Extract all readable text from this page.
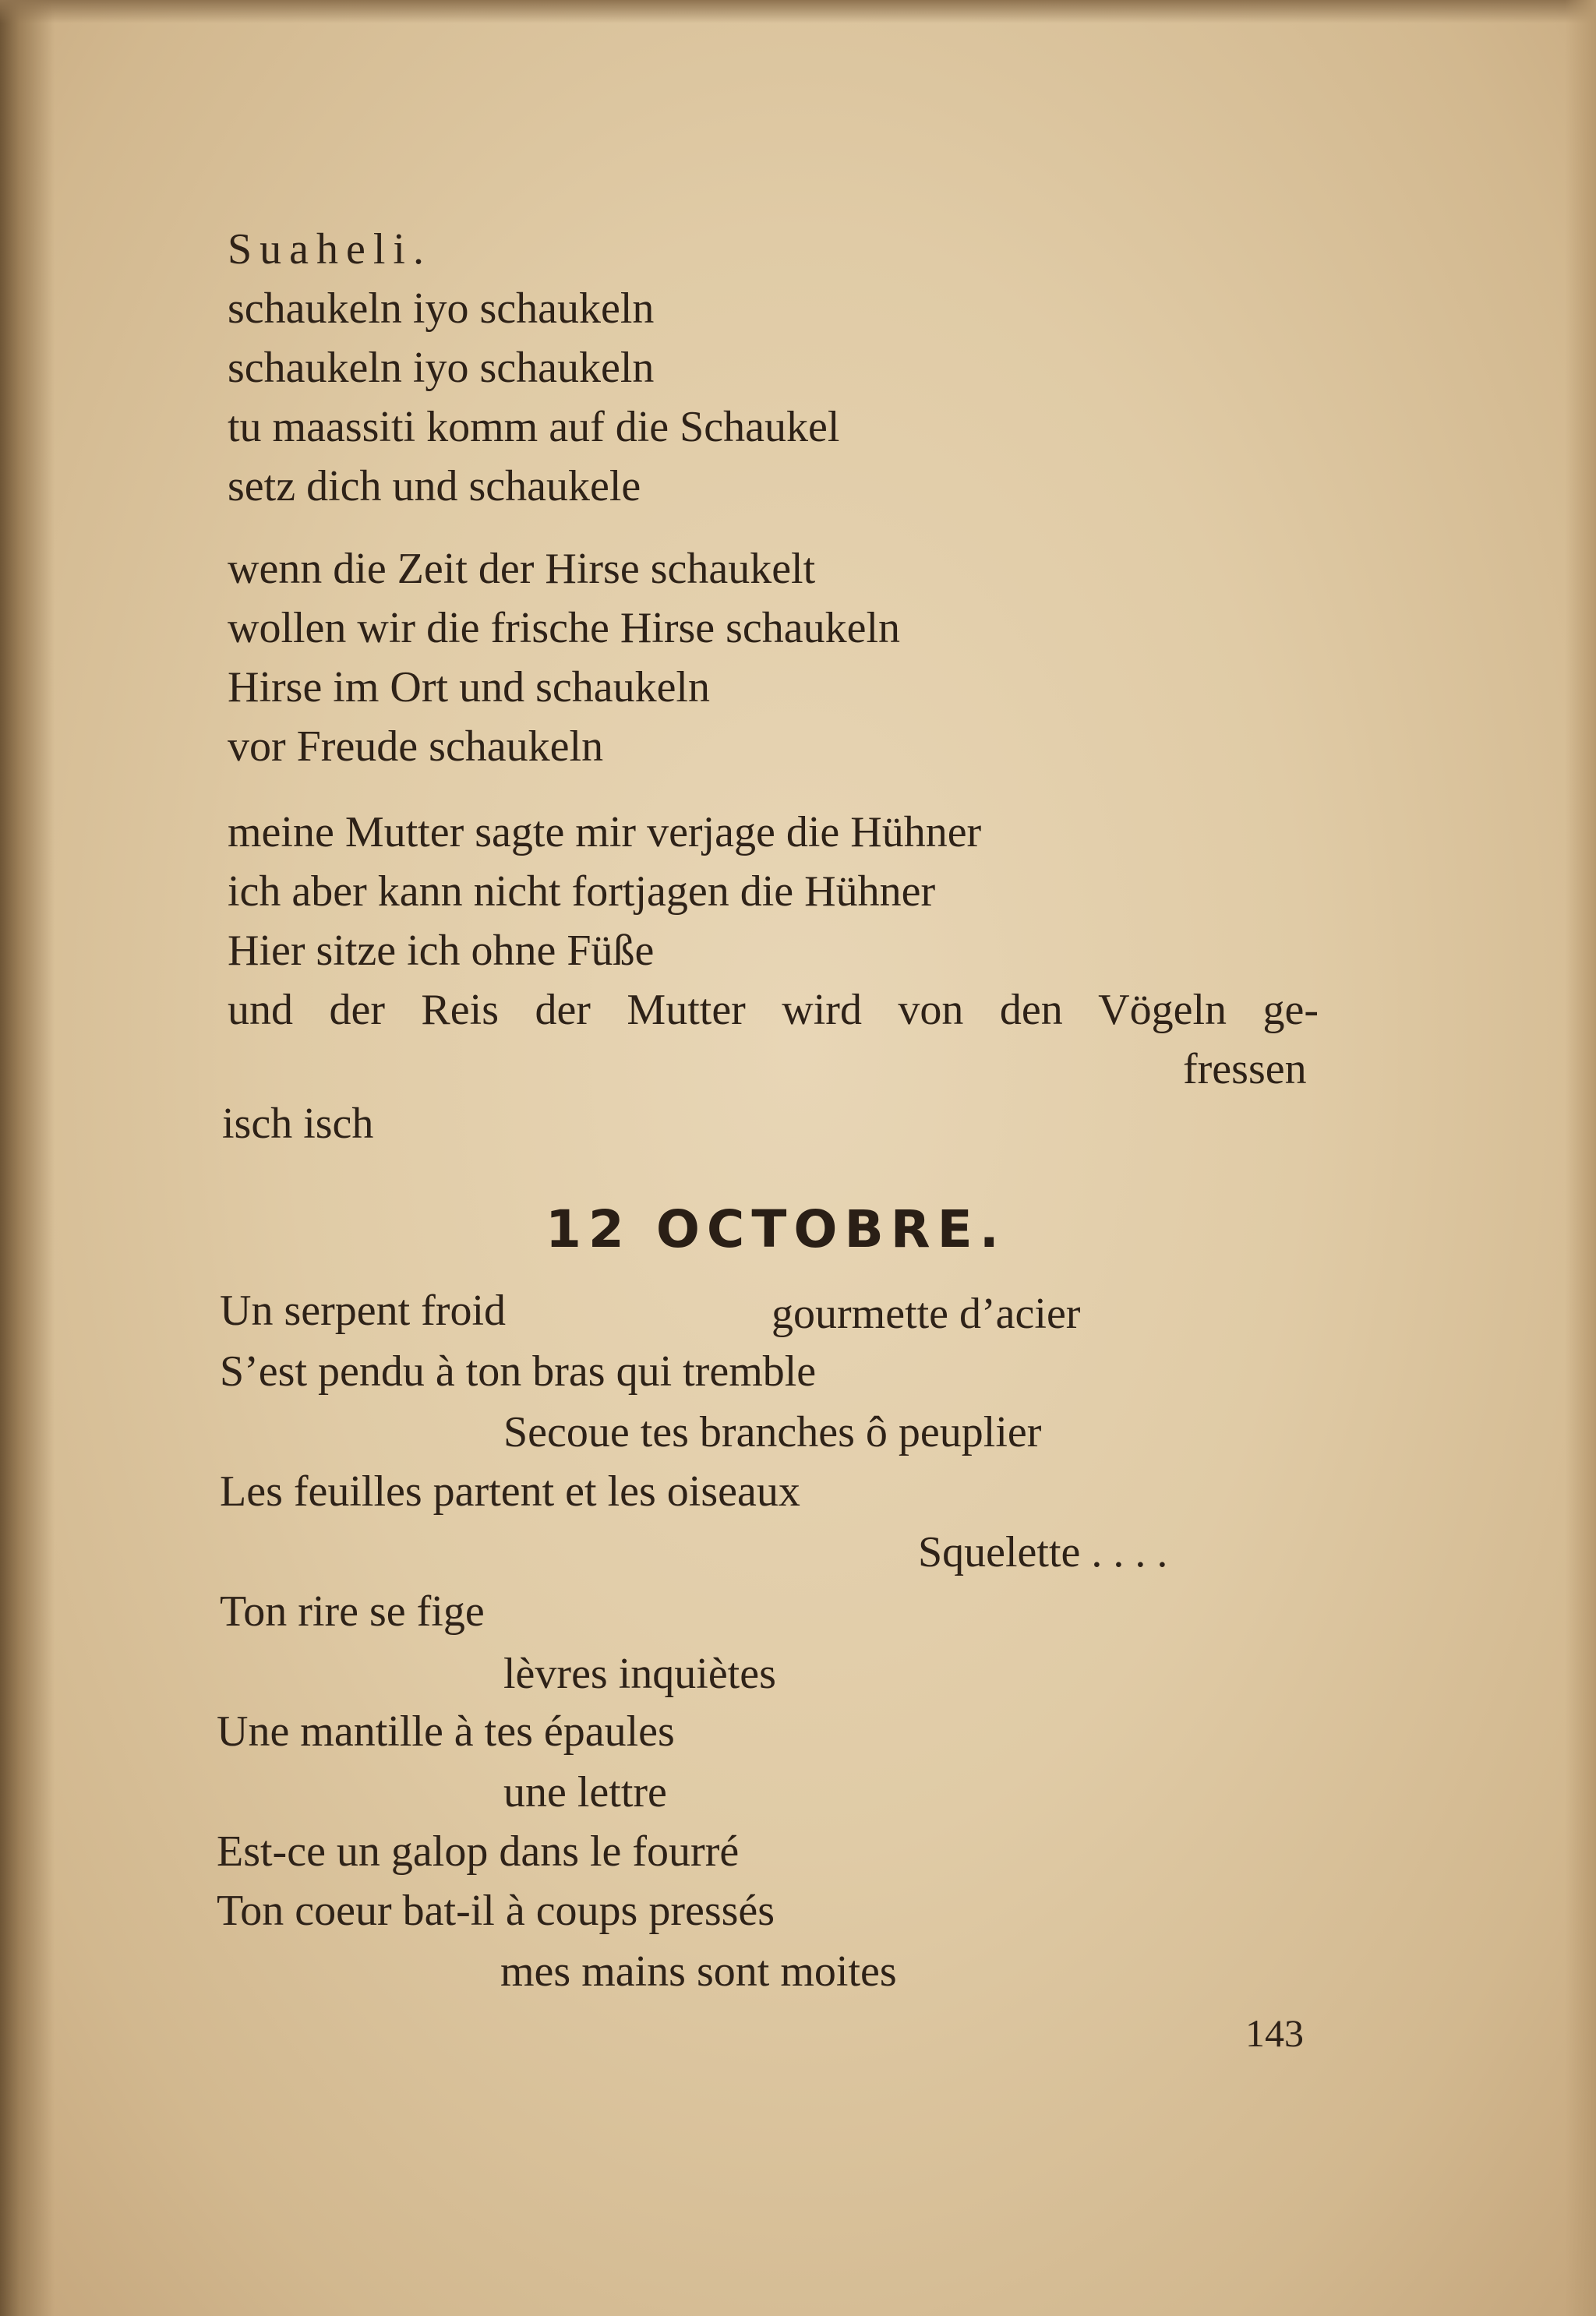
Suaheli.
schaukeln iyo schaukeln
schaukeln iyo schaukeln
tu maassiti komm auf die Schaukel
setz dich und schaukele
wenn die Zeit der Hirse schaukelt
wollen wir die frische Hirse schaukeln
Hirse im Ort und schaukeln
vor Freude schaukeln
meine Mutter sagte mir verjage die Hühner
ich aber kann nicht fortjagen die Hühner
Hier sitze ich ohne Füße
und der Reis der Mutter wird von den Vögeln ge-
fressen
isch isch
12 OCTOBRE.
Un serpent froid	gourmette d’acier
S’est pendu à ton bras qui tremble
Secoue tes branches ô peuplier
Les feuilles partent et les oiseaux
Squelette . . . .
Ton rire se fige
lèvres inquiètes
Une mantille à tes épaules
une lettre
Est-ce un galop dans le fourré
Ton coeur bat-il à coups pressés
mes mains sont moites
143
